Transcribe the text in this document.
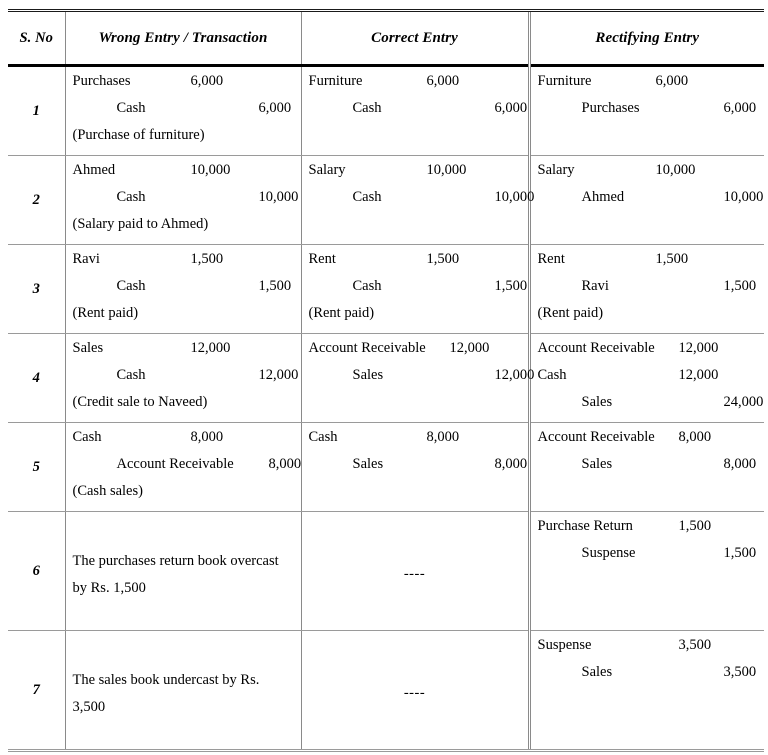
S. No	Wrong Entry / Transaction	Correct Entry	Rectifying Entry
1	
Purchases	6,000
Cash	6,000
(Purchase of furniture)

Furniture	6,000
Cash	6,000

Furniture	6,000
Purchases	6,000

2	
Ahmed	10,000
Cash	10,000
(Salary paid to Ahmed)

Salary	10,000
Cash	10,000

Salary	10,000
Ahmed	10,000

3	
Ravi	1,500
Cash	1,500
(Rent paid)

Rent	1,500
Cash	1,500
(Rent paid)

Rent	1,500
Ravi	1,500
(Rent paid)

4	
Sales	12,000
Cash	12,000
(Credit sale to Naveed)

Account Receivable 12,000
Sales	12,000

Account Receivable 12,000
Cash	12,000
Sales	24,000

5	
Cash	8,000
Account Receivable 8,000
(Cash sales)

Cash	8,000
Sales	8,000

Account Receivable 8,000
Sales	8,000

6	The purchases return book overcast by Rs. 1,500	----	Purchase Return 1,500
Suspense 1,500

7	The sales book undercast by Rs. 3,500	----	Suspense 3,500
Sales 3,500
